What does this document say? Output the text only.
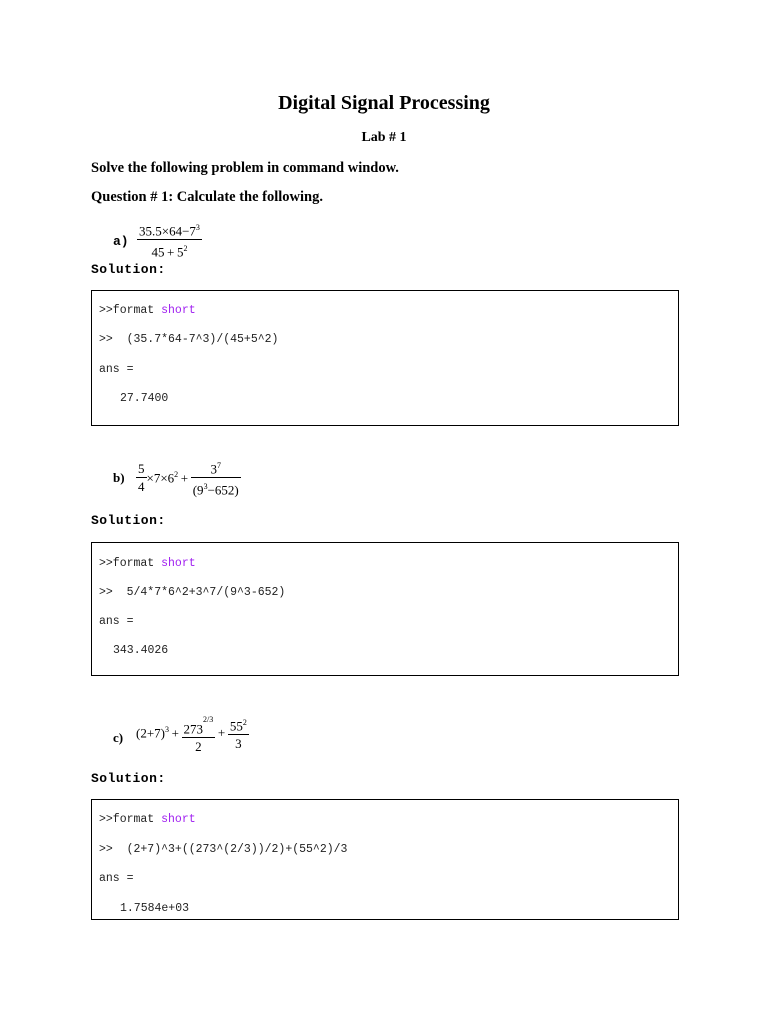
Digital Signal Processing
Lab # 1
Solve the following problem in command window.
Question # 1: Calculate the following.
$a) \frac{35.5\times 64-7^3}{45 + 5^2}$
Solution:
>>format short
>>  (35.7*64-7^3)/(45+5^2)
ans =
27.7400
$b) \frac{5}{4} \times 7\times 6^2 + \frac{3^7}{(9^3-652)}$
Solution:
>>format short
>>  5/4*7*6^2+3^7/(9^3-652)
ans =
343.4026
c) $(2+7)^3 + \frac{273^{2/3}}{2} + \frac{55^2}{3}$
Solution:
>>format short
>>  (2+7)^3+((273^(2/3))/2)+(55^2)/3
ans =
1.7584e+03
